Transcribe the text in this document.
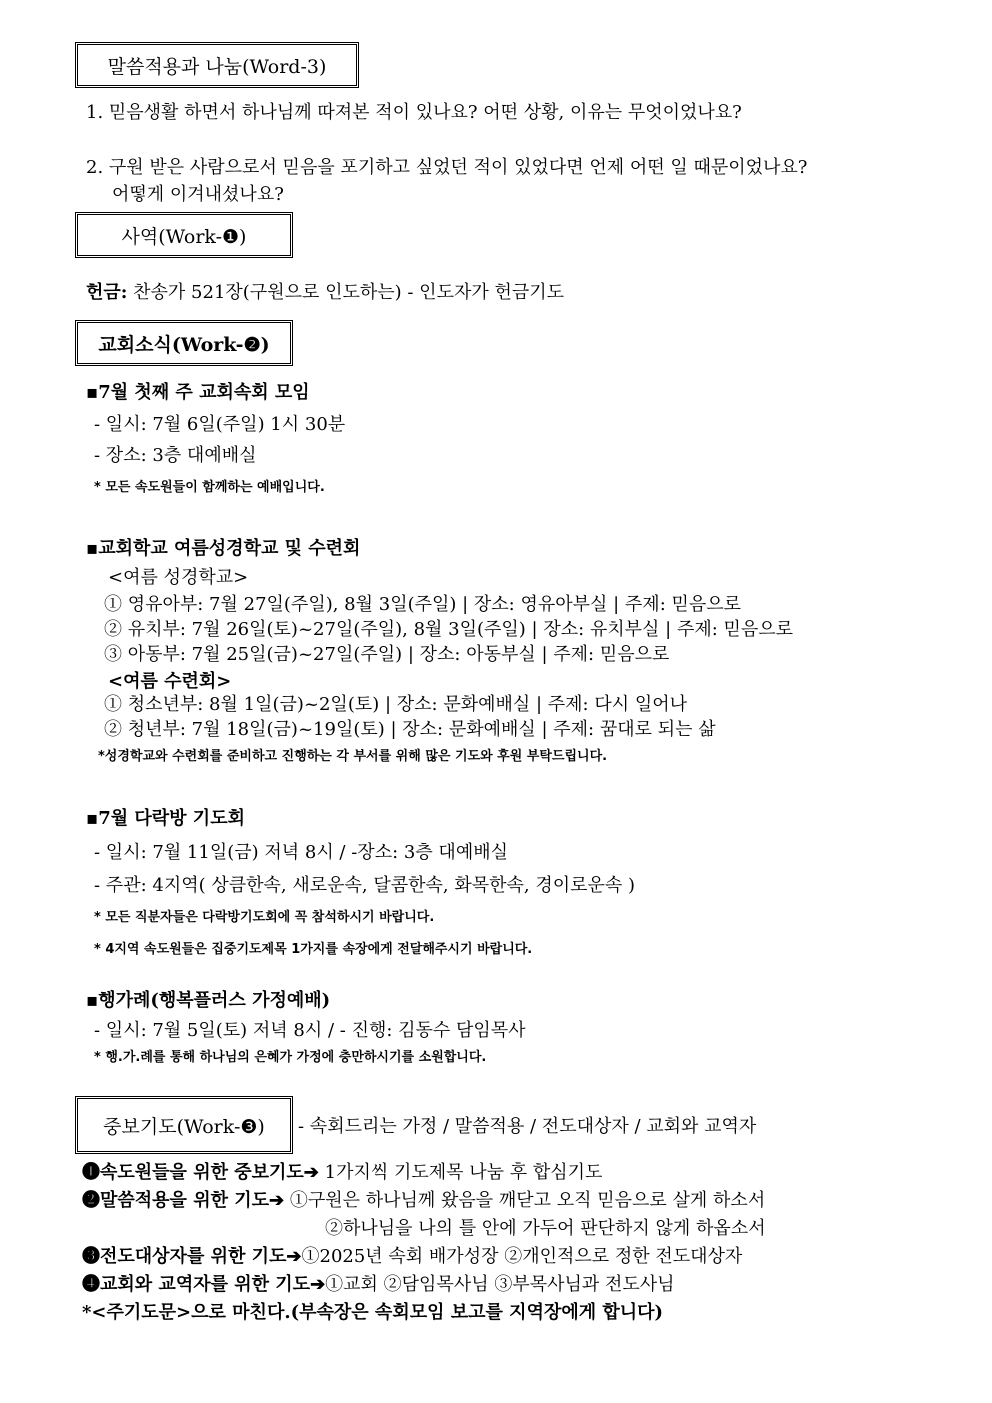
말씀적용과 나눔(Word-3)
1. 믿음생활 하면서 하나님께 따져본 적이 있나요? 어떤 상황, 이유는 무엇이었나요?
2. 구원 받은 사람으로서 믿음을 포기하고 싶었던 적이 있었다면 언제 어떤 일 때문이었나요?
어떻게 이겨내셨나요?
사역(Work-❶)
헌금: 찬송가 521장(구원으로 인도하는) - 인도자가 헌금기도
교회소식(Work-❷)
▪7월 첫째 주 교회속회 모임
- 일시: 7월 6일(주일) 1시 30분
- 장소: 3층 대예배실
* 모든 속도원들이 함께하는 예배입니다.
▪교회학교 여름성경학교 및 수련회
<여름 성경학교>
① 영유아부: 7월 27일(주일), 8월 3일(주일) | 장소: 영유아부실 | 주제: 믿음으로
② 유치부: 7월 26일(토)~27일(주일), 8월 3일(주일) | 장소: 유치부실 | 주제: 믿음으로
③ 아동부: 7월 25일(금)~27일(주일) | 장소: 아동부실 | 주제: 믿음으로
<여름 수련회>
① 청소년부: 8월 1일(금)~2일(토) | 장소: 문화예배실 | 주제: 다시 일어나
② 청년부: 7월 18일(금)~19일(토) | 장소: 문화예배실 | 주제: 꿈대로 되는 삶
*성경학교와 수련회를 준비하고 진행하는 각 부서를 위해 많은 기도와 후원 부탁드립니다.
▪7월 다락방 기도회
- 일시: 7월 11일(금) 저녁 8시 / -장소: 3층 대예배실
- 주관: 4지역( 상큼한속, 새로운속, 달콤한속, 화목한속, 경이로운속 )
* 모든 직분자들은 다락방기도회에 꼭 참석하시기 바랍니다.
* 4지역 속도원들은 집중기도제목 1가지를 속장에게 전달해주시기 바랍니다.
▪행가례(행복플러스 가정예배)
- 일시: 7월 5일(토) 저녁 8시 / - 진행: 김동수 담임목사
* 행.가.례를 통해 하나님의 은혜가 가정에 충만하시기를 소원합니다.
중보기도(Work-❸) - 속회드리는 가정 / 말씀적용 / 전도대상자 / 교회와 교역자
❶속도원들을 위한 중보기도➔ 1가지씩 기도제목 나눔 후 합심기도
❷말씀적용을 위한 기도➔ ①구원은 하나님께 왔음을 깨닫고 오직 믿음으로 살게 하소서
②하나님을 나의 틀 안에 가두어 판단하지 않게 하옵소서
❸전도대상자를 위한 기도➔①2025년 속회 배가성장 ②개인적으로 정한 전도대상자
❹교회와 교역자를 위한 기도➔①교회 ②담임목사님 ③부목사님과 전도사님
*<주기도문>으로 마친다.(부속장은 속회모임 보고를 지역장에게 합니다)
